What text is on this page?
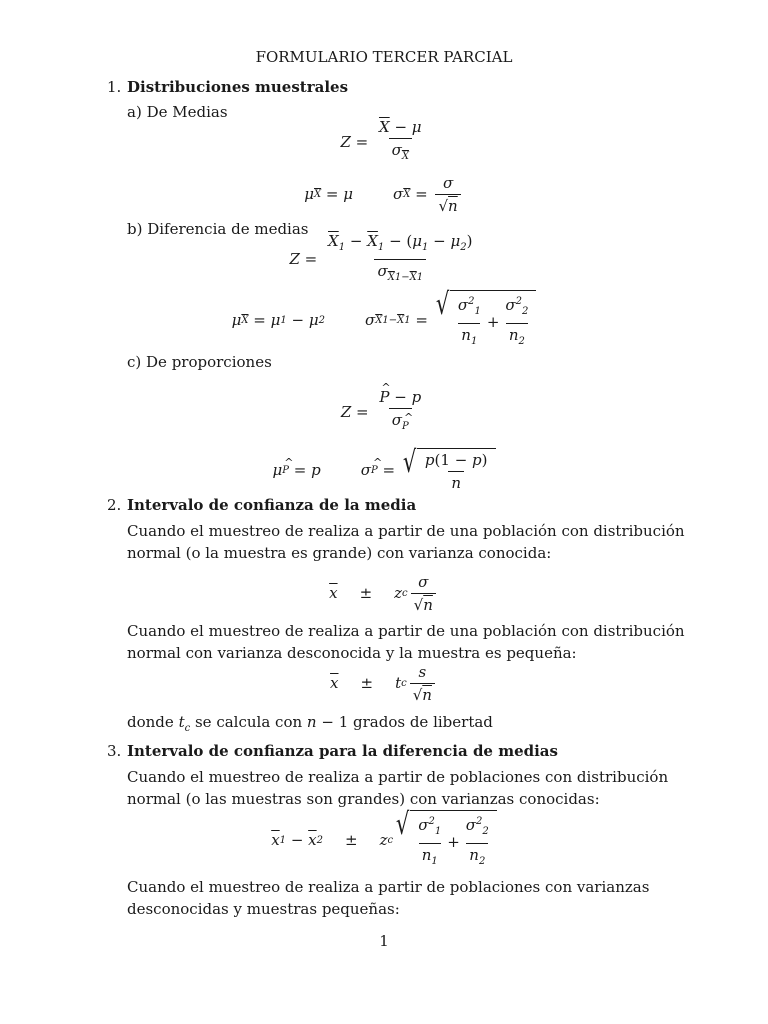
FORMULARIO TERCER PARCIAL
1. Distribuciones muestrales
a) De Medias
$Z = \frac{\overline{X} - \mu}{\sigma_{\overline{X}}}$
μ $\overline{X} = \mu$	σ $\overline{X} = \frac{\sigma}{√n}$
b) Diferencia de medias
$Z = \frac{\overline{X}_1 - \overline{X}_1 - (\mu_1 - \mu_2)}{\sigma_{\overline{X}1-\overline{X}1}}$
μ $\overline{X} = \mu$ 1 − μ 2	σ $\overline{X}1-\overline{X}1$ = √ $\frac{\sigma^2_1}{n_1} + \frac{\sigma^2_2}{n_2}$
c) De proporciones
Z = ^ $\frac{P - p}{\sigma\^{} _P}$
μ ^ P = p	σ ^ P = √ $\frac{p(1 - p)}{n}$
2. Intervalo de confianza de la media
Cuando el muestreo de realiza a partir de una población con distribución normal (o la muestra es grande) con varianza conocida:
$\overline{x} \pm z$ c $\frac{\sigma}{√n}$
Cuando el muestreo de realiza a partir de una población con distribución normal con varianza desconocida y la muestra es pequeña:
$\overline{x} \pm t$ c $\frac{s}{√n}$
donde $t_c$ se calcula con n − 1 grados de libertad
3. Intervalo de confianza para la diferencia de medias
Cuando el muestreo de realiza a partir de poblaciones con distribución normal (o las muestras son grandes) con varianzas conocidas:
$\overline{x}$ $1 - \overline{x}$ 2 ± z c √ $\frac{\sigma^2_1}{n_1} + \frac{\sigma^2_2}{n_2}$
Cuando el muestreo de realiza a partir de poblaciones con varianzas desconocidas y muestras pequeñas:
1
